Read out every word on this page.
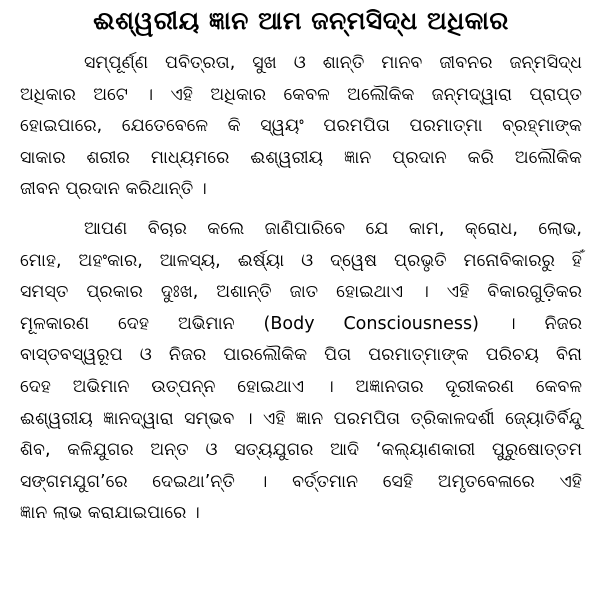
ଈଶ୍ୱରୀୟ ଜ୍ଞାନ ଆମ ଜନ୍ମସିଦ୍ଧ ଅଧିକାର
ସମ୍ପୂର୍ଣ୍ଣ ପବିତ୍ରତା, ସୁଖ ଓ ଶାନ୍ତି ମାନବ ଜୀବନର ଜନ୍ମସିଦ୍ଧ
ଅଧିକାର ଅଟେ । ଏହି ଅଧିକାର କେବଳ ଅଲୌକିକ ଜନ୍ମଦ୍ୱାରା ପ୍ରାପ୍ତ
ହୋଇପାରେ, ଯେତେବେଳେ କି ସ୍ୱୟଂ ପରମପିତା ପରମାତ୍ମା ବ୍ରହ୍ମାଙ୍କ
ସାକାର ଶରୀର ମାଧ୍ୟମରେ ଈଶ୍ୱରୀୟ ଜ୍ଞାନ ପ୍ରଦାନ କରି ଅଲୌକିକ
ଜୀବନ ପ୍ରଦାନ କରିଥାନ୍ତି ।
ଆପଣ ବିଚାର କଲେ ଜାଣିପାରିବେ ଯେ କାମ, କ୍ରୋଧ, ଲୋଭ,
ମୋହ, ଅହଂକାର, ଆଳସ୍ୟ, ଈର୍ଷ୍ୟା ଓ ଦ୍ୱେଷ ପ୍ରଭୃତି ମନୋବିକାରରୁ ହିଁ
ସମସ୍ତ ପ୍ରକାର ଦୁଃଖ, ଅଶାନ୍ତି ଜାତ ହୋଇଥାଏ । ଏହି ବିକାରଗୁଡ଼ିକର
ମୂଳକାରଣ ଦେହ ଅଭିମାନ (Body Consciousness) । ନିଜର
ବାସ୍ତବସ୍ୱରୂପ ଓ ନିଜର ପାରଲୌକିକ ପିତା ପରମାତ୍ମାଙ୍କ ପରିଚୟ ବିନା
ଦେହ ଅଭିମାନ ଉତ୍ପନ୍ନ ହୋଇଥାଏ । ଅଜ୍ଞାନତାର ଦୂରୀକରଣ କେବଳ
ଈଶ୍ୱରୀୟ ଜ୍ଞାନଦ୍ୱାରା ସମ୍ଭବ । ଏହି ଜ୍ଞାନ ପରମପିତା ତ୍ରିକାଳଦର୍ଶୀ ଜ୍ୟୋତିର୍ବିନ୍ଦୁ
ଶିବ, କଳିଯୁଗର ଅନ୍ତ ଓ ସତ୍ୟଯୁଗର ଆଦି ‘କଲ୍ୟାଣକାରୀ ପୁରୁଷୋତ୍ତମ
ସଙ୍ଗମଯୁଗ’ରେ ଦେଇଥା’ନ୍ତି । ବର୍ତ୍ତମାନ ସେହି ଅମୃତବେଳାରେ ଏହି
ଜ୍ଞାନ ଲାଭ କରାଯାଇପାରେ ।
